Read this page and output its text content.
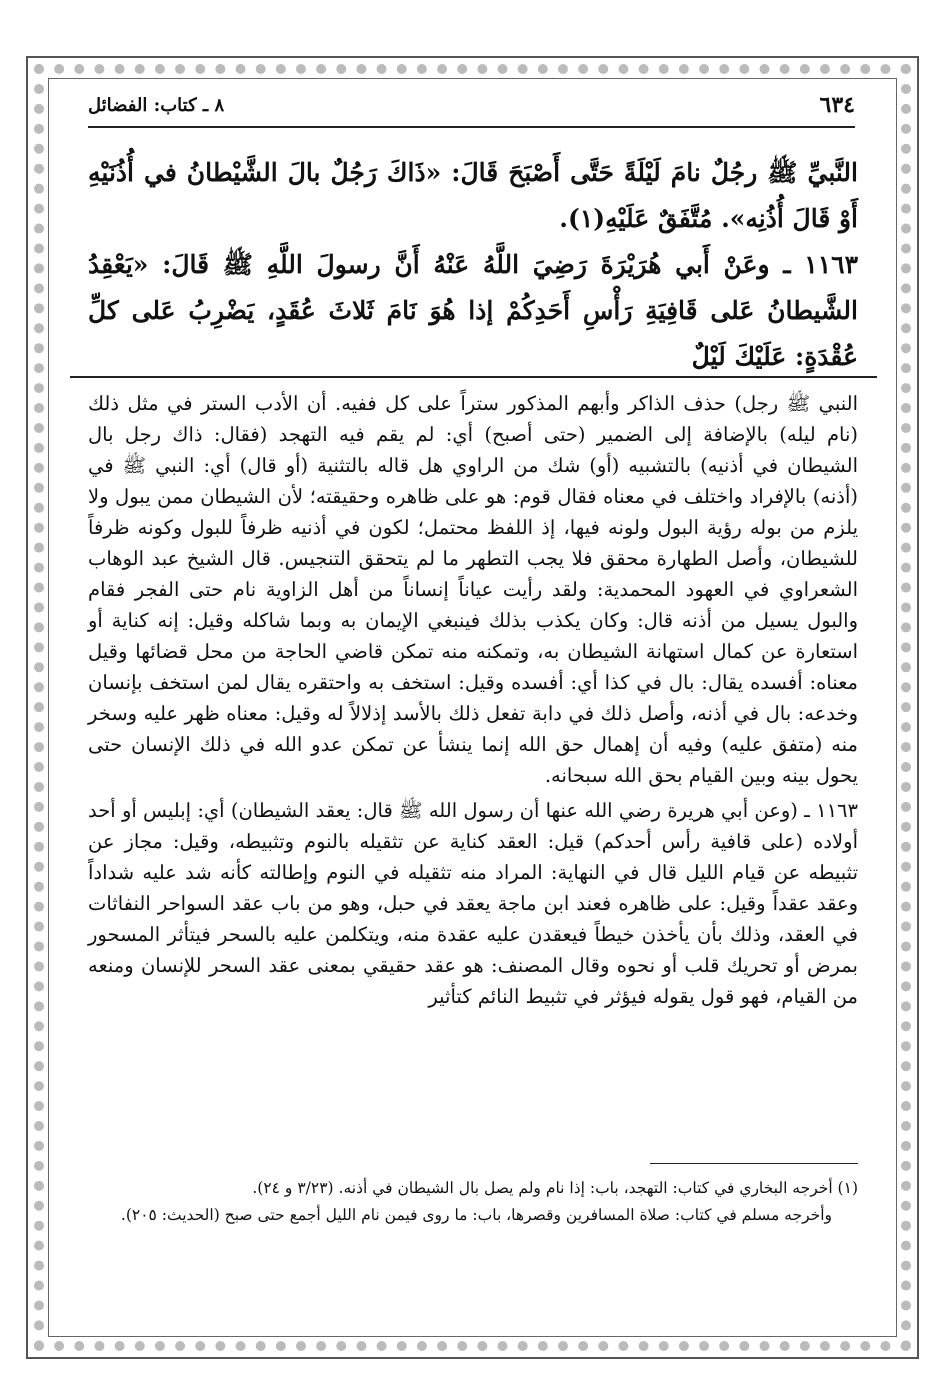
٦٣٤
٨ ـ كتاب: الفضائل

النَّبيِّ ﷺ رجُلٌ نامَ لَيْلَةً حَتَّى أَصْبَحَ قَالَ: «ذَاكَ رَجُلٌ بالَ الشَّيْطانُ في أُذُنَيْهِ أَوْ قَالَ أُذُنِه». مُتَّفَقٌ عَلَيْهِ(١).

١١٦٣ ـ وعَنْ أَبي هُرَيْرَةَ رَضِيَ اللَّهُ عَنْهُ أَنَّ رسولَ اللَّهِ ﷺ قَالَ: «يَعْقِدُ الشَّيطانُ عَلى قَافِيَةِ رَأْسِ أَحَدِكُمْ إذا هُوَ نَامَ ثَلاثَ عُقَدٍ، يَضْرِبُ عَلى كلِّ عُقْدَةٍ: عَلَيْكَ لَيْلٌ

النبي ﷺ رجل) حذف الذاكر وأبهم المذكور ستراً على كل ففيه. أن الأدب الستر في مثل ذلك (نام ليله) بالإضافة إلى الضمير (حتى أصبح) أي: لم يقم فيه التهجد (فقال: ذاك رجل بال الشيطان في أذنيه) بالتشبيه (أو) شك من الراوي هل قاله بالتثنية (أو قال) أي: النبي ﷺ في (أذنه) بالإفراد واختلف في معناه فقال قوم: هو على ظاهره وحقيقته؛ لأن الشيطان ممن يبول ولا يلزم من بوله رؤية البول ولونه فيها، إذ اللفظ محتمل؛ لكون في أذنيه ظرفاً للبول وكونه ظرفاً للشيطان، وأصل الطهارة محقق فلا يجب التطهر ما لم يتحقق التنجيس. قال الشيخ عبد الوهاب الشعراوي في العهود المحمدية: ولقد رأيت عياناً إنساناً من أهل الزاوية نام حتى الفجر فقام والبول يسيل من أذنه قال: وكان يكذب بذلك فينبغي الإيمان به وبما شاكله وقيل: إنه كناية أو استعارة عن كمال استهانة الشيطان به، وتمكنه منه تمكن قاضي الحاجة من محل قضائها وقيل معناه: أفسده يقال: بال في كذا أي: أفسده وقيل: استخف به واحتقره يقال لمن استخف بإنسان وخدعه: بال في أذنه، وأصل ذلك في دابة تفعل ذلك بالأسد إذلالاً له وقيل: معناه ظهر عليه وسخر منه (متفق عليه) وفيه أن إهمال حق الله إنما ينشأ عن تمكن عدو الله في ذلك الإنسان حتى يحول بينه وبين القيام بحق الله سبحانه.

١١٦٣ ـ (وعن أبي هريرة رضي الله عنها أن رسول الله ﷺ قال: يعقد الشيطان) أي: إبليس أو أحد أولاده (على قافية رأس أحدكم) قيل: العقد كناية عن تثقيله بالنوم وتثبيطه، وقيل: مجاز عن تثبيطه عن قيام الليل قال في النهاية: المراد منه تثقيله في النوم وإطالته كأنه شد عليه شداداً وعقد عقداً وقيل: على ظاهره فعند ابن ماجة يعقد في حبل، وهو من باب عقد السواحر النفاثات في العقد، وذلك بأن يأخذن خيطاً فيعقدن عليه عقدة منه، ويتكلمن عليه بالسحر فيتأثر المسحور بمرض أو تحريك قلب أو نحوه وقال المصنف: هو عقد حقيقي بمعنى عقد السحر للإنسان ومنعه من القيام، فهو قول يقوله فيؤثر في تثبيط النائم كتأثير

(١) أخرجه البخاري في كتاب: التهجد، باب: إذا نام ولم يصل بال الشيطان في أذنه. (٣/٢٣ و ٢٤).

وأخرجه مسلم في كتاب: صلاة المسافرين وقصرها، باب: ما روى فيمن نام الليل أجمع حتى صبح (الحديث: ٢٠٥).
